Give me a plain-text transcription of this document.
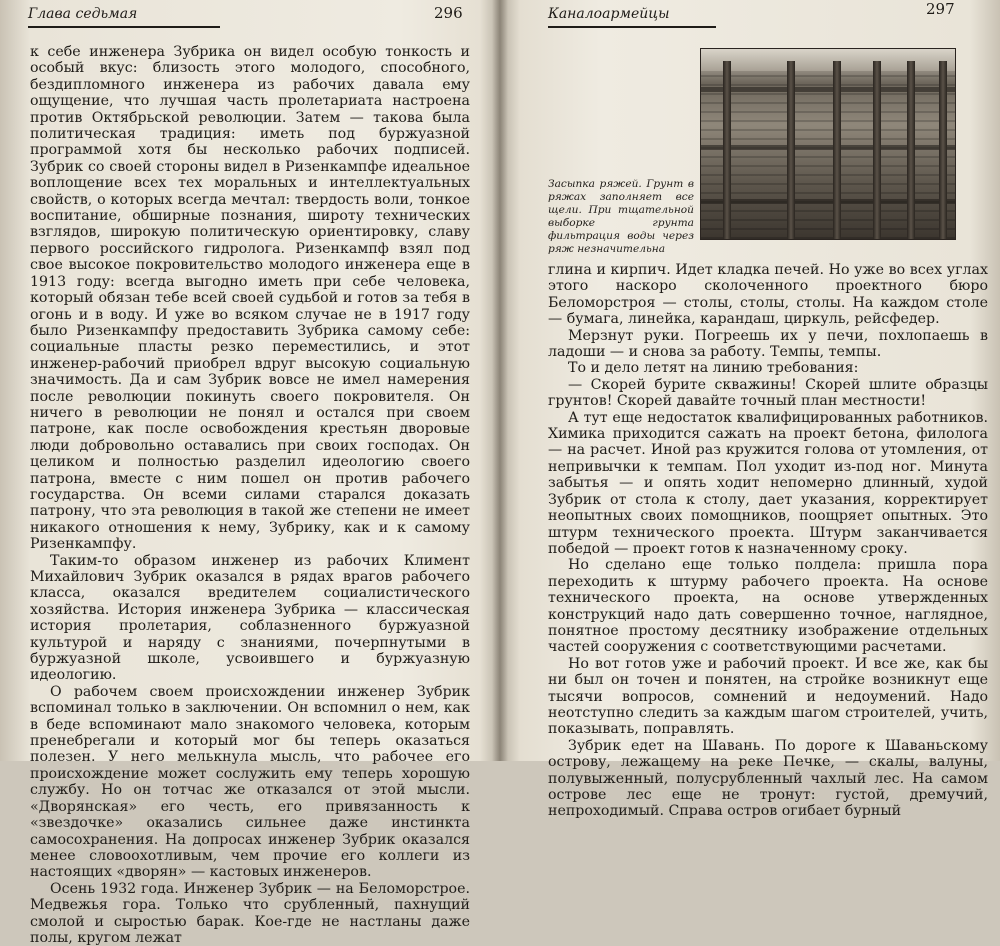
Глава седьмая	296

к себе инженера Зубрика он видел особую тонкость и особый вкус: близость этого молодого, способного, бездипломного инженера из рабочих давала ему ощущение, что лучшая часть пролетариата настроена против Октябрьской революции. Затем — такова была политическая традиция: иметь под буржуазной программой хотя бы несколько рабочих подписей. Зубрик со своей стороны видел в Ризенкампфе идеальное воплощение всех тех моральных и интеллектуальных свойств, о которых всегда мечтал: твердость воли, тонкое воспитание, обширные познания, широту технических взглядов, широкую политическую ориентировку, славу первого российского гидролога. Ризенкампф взял под свое высокое покровительство молодого инженера еще в 1913 году: всегда выгодно иметь при себе человека, который обязан тебе всей своей судьбой и готов за тебя в огонь и в воду. И уже во всяком случае не в 1917 году было Ризенкампфу предоставить Зубрика самому себе: социальные пласты резко переместились, и этот инженер-рабочий приобрел вдруг высокую социальную значимость. Да и сам Зубрик вовсе не имел намерения после революции покинуть своего покровителя. Он ничего в революции не понял и остался при своем патроне, как после освобождения крестьян дворовые люди добровольно оставались при своих господах. Он целиком и полностью разделил идеологию своего патрона, вместе с ним пошел он против рабочего государства. Он всеми силами старался доказать патрону, что эта революция в такой же степени не имеет никакого отношения к нему, Зубрику, как и к самому Ризенкампфу.

Таким-то образом инженер из рабочих Климент Михайлович Зубрик оказался в рядах врагов рабочего класса, оказался вредителем социалистического хозяйства. История инженера Зубрика — классическая история пролетария, соблазненного буржуазной культурой и наряду с знаниями, почерпнутыми в буржуазной школе, усвоившего и буржуазную идеологию.

О рабочем своем происхождении инженер Зубрик вспоминал только в заключении. Он вспомнил о нем, как в беде вспоминают мало знакомого человека, которым пренебрегали и который мог бы теперь оказаться полезен. У него мелькнула мысль, что рабочее его происхождение может сослужить ему теперь хорошую службу. Но он тотчас же отказался от этой мысли. «Дворянская» его честь, его привязанность к «звездочке» оказались сильнее даже инстинкта самосохранения. На допросах инженер Зубрик оказался менее словоохотливым, чем прочие его коллеги из настоящих «дворян» — кастовых инженеров.

Осень 1932 года. Инженер Зубрик — на Беломорстрое. Медвежья гора. Только что срубленный, пахнущий смолой и сыростью барак. Кое-где не настланы даже полы, кругом лежат

Каналоармейцы	297
Засыпка ряжей. Грунт в ряжах заполняет все щели. При тщательной выборке грунта фильтрация воды через ряж незначительна

глина и кирпич. Идет кладка печей. Но уже во всех углах этого наскоро сколоченного проектного бюро Беломорстроя — столы, столы, столы. На каждом столе — бумага, линейка, карандаш, циркуль, рейсфедер.

Мерзнут руки. Погреешь их у печи, похлопаешь в ладоши — и снова за работу. Темпы, темпы.

То и дело летят на линию требования:

— Скорей бурите скважины! Скорей шлите образцы грунтов! Скорей давайте точный план местности!

А тут еще недостаток квалифицированных работников. Химика приходится сажать на проект бетона, филолога — на расчет. Иной раз кружится голова от утомления, от непривычки к темпам. Пол уходит из-под ног. Минута забытья — и опять ходит непомерно длинный, худой Зубрик от стола к столу, дает указания, корректирует неопытных своих помощников, поощряет опытных. Это штурм технического проекта. Штурм заканчивается победой — проект готов к назначенному сроку.

Но сделано еще только полдела: пришла пора переходить к штурму рабочего проекта. На основе технического проекта, на основе утвержденных конструкций надо дать совершенно точное, наглядное, понятное простому десятнику изображение отдельных частей сооружения с соответствующими расчетами.

Но вот готов уже и рабочий проект. И все же, как бы ни был он точен и понятен, на стройке возникнут еще тысячи вопросов, сомнений и недоумений. Надо неотступно следить за каждым шагом строителей, учить, показывать, поправлять.

Зубрик едет на Шавань. По дороге к Шаваньскому острову, лежащему на реке Печке, — скалы, валуны, полувыженный, полусрубленный чахлый лес. На самом острове лес еще не тронут: густой, дремучий, непроходимый. Справа остров огибает бурный
